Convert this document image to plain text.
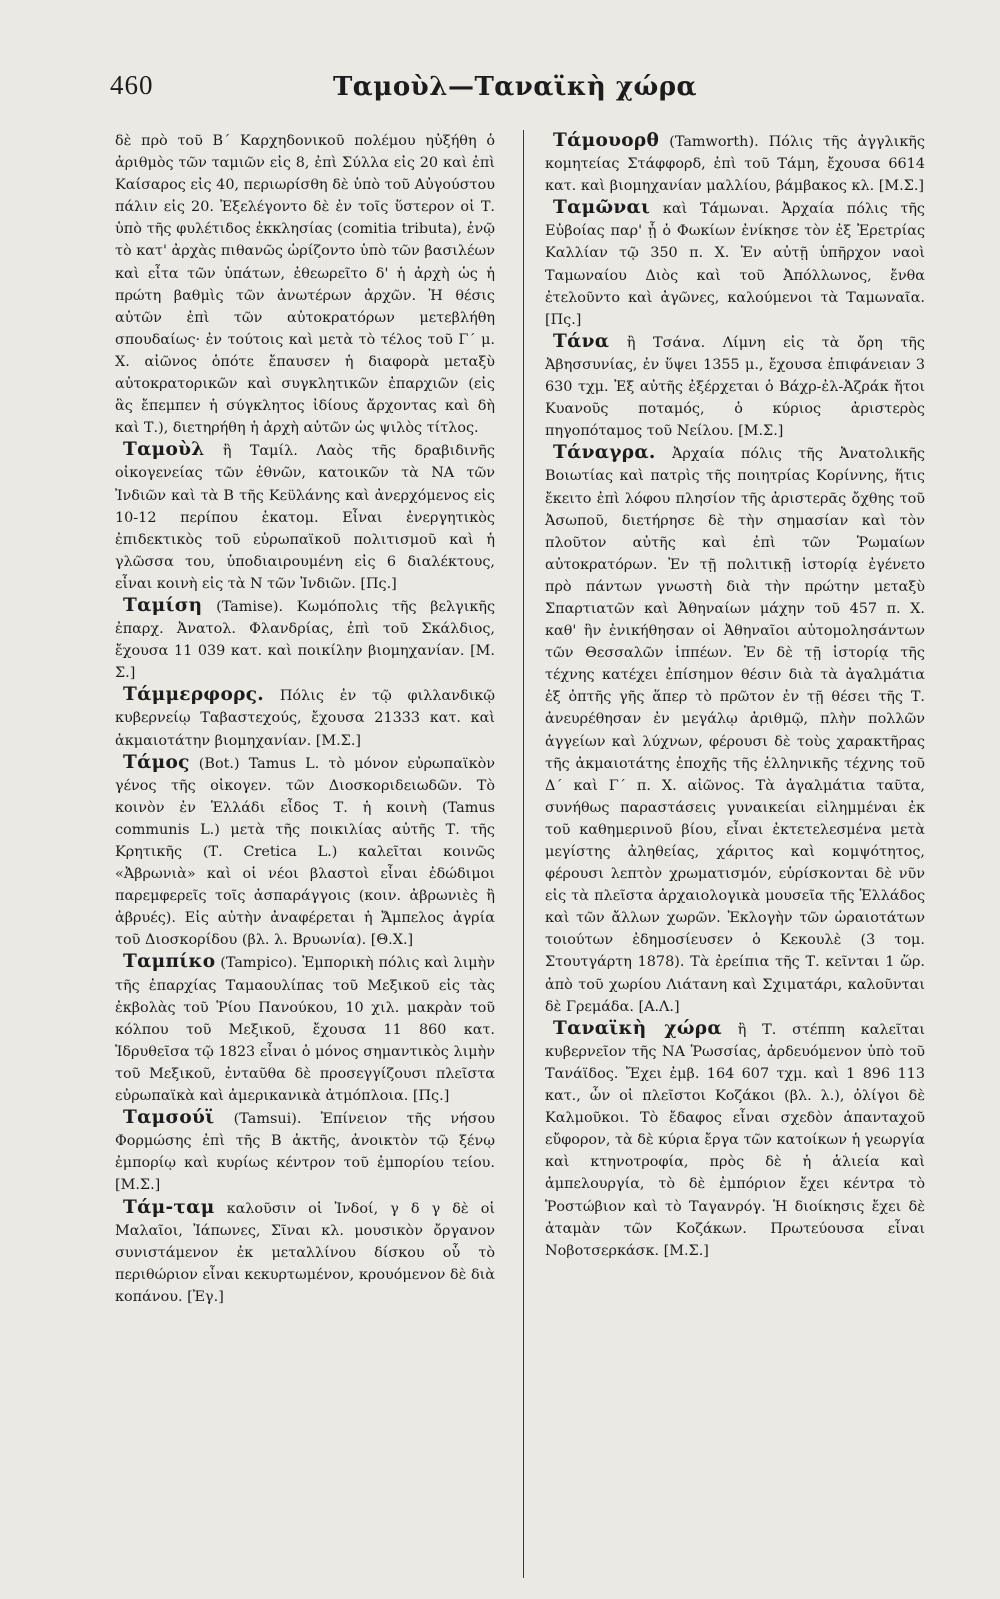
460	Ταμοὺλ—Ταναϊκὴ χώρα

δὲ πρὸ τοῦ Β΄ Καρχηδονικοῦ πολέμου ηὐξήθη ὁ ἀριθμὸς τῶν ταμιῶν εἰς 8, ἐπὶ Σύλλα εἰς 20 καὶ ἐπὶ Καίσαρος εἰς 40, περιωρίσθη δὲ ὑπὸ τοῦ Αὐγούστου πάλιν εἰς 20. Ἐξελέγοντο δὲ ἐν τοῖς ὕστερον οἱ Τ. ὑπὸ τῆς φυλέτιδος ἐκκλησίας (comitia tributa), ἐνῷ τὸ κατ' ἀρχὰς πιθανῶς ὡρίζοντο ὑπὸ τῶν βασιλέων καὶ εἶτα τῶν ὑπάτων, ἐθεωρεῖτο δ' ἡ ἀρχὴ ὡς ἡ πρώτη βαθμὶς τῶν ἀνωτέρων ἀρχῶν. Ἡ θέσις αὐτῶν ἐπὶ τῶν αὐτοκρατόρων μετεβλήθη σπουδαίως· ἐν τούτοις καὶ μετὰ τὸ τέλος τοῦ Γ΄ μ. Χ. αἰῶνος ὁπότε ἔπαυσεν ἡ διαφορὰ μεταξὺ αὐτοκρατορικῶν καὶ συγκλητικῶν ἐπαρχιῶν (εἰς ἃς ἔπεμπεν ἡ σύγκλητος ἰδίους ἄρχοντας καὶ δὴ καὶ Τ.), διετηρήθη ἡ ἀρχὴ αὐτῶν ὡς ψιλὸς τίτλος.

Ταμοὺλ ἢ Ταμίλ. Λαὸς τῆς δραβιδινῆς οἰκογενείας τῶν ἐθνῶν, κατοικῶν τὰ ΝΑ τῶν Ἰνδιῶν καὶ τὰ Β τῆς Κεϋλάνης καὶ ἀνερχόμενος εἰς 10-12 περίπου ἑκατομ. Εἶναι ἐνεργητικὸς ἐπιδεκτικὸς τοῦ εὐρωπαϊκοῦ πολιτισμοῦ καὶ ἡ γλῶσσα του, ὑποδιαιρουμένη εἰς 6 διαλέκτους, εἶναι κοινὴ εἰς τὰ Ν τῶν Ἰνδιῶν. [Πς.]

Ταμίση (Tamise). Κωμόπολις τῆς βελγικῆς ἐπαρχ. Ἀνατολ. Φλανδρίας, ἐπὶ τοῦ Σκάλδιος, ἔχουσα 11 039 κατ. καὶ ποικίλην βιομηχανίαν. [Μ. Σ.]

Τάμμερφορς. Πόλις ἐν τῷ φιλλανδικῷ κυβερνείῳ Ταβαστεχούς, ἔχουσα 21333 κατ. καὶ ἀκμαιοτάτην βιομηχανίαν. [Μ.Σ.]

Τάμος (Bot.) Tamus L. τὸ μόνον εὐρωπαϊκὸν γένος τῆς οἰκογεν. τῶν Διοσκοριδειωδῶν. Τὸ κοινὸν ἐν Ἑλλάδι εἶδος Τ. ἡ κοινὴ (Tamus communis L.) μετὰ τῆς ποικιλίας αὐτῆς Τ. τῆς Κρητικῆς (Τ. Cretica L.) καλεῖται κοινῶς «Ἀβρωνιὰ» καὶ οἱ νέοι βλαστοὶ εἶναι ἐδώδιμοι παρεμφερεῖς τοῖς ἀσπαράγγοις (κοιν. ἀβρωνιὲς ἢ ἀβρυές). Εἰς αὐτὴν ἀναφέρεται ἡ Ἄμπελος ἀγρία τοῦ Διοσκορίδου (βλ. λ. Βρυωνία). [Θ.Χ.]

Ταμπίκο (Tampico). Ἐμπορικὴ πόλις καὶ λιμὴν τῆς ἐπαρχίας Ταμαουλίπας τοῦ Μεξικοῦ εἰς τὰς ἐκβολὰς τοῦ Ῥίου Πανούκου, 10 χιλ. μακρὰν τοῦ κόλπου τοῦ Μεξικοῦ, ἔχουσα 11 860 κατ. Ἱδρυθεῖσα τῷ 1823 εἶναι ὁ μόνος σημαντικὸς λιμὴν τοῦ Μεξικοῦ, ἐνταῦθα δὲ προσεγγίζουσι πλεῖστα εὐρωπαϊκὰ καὶ ἀμερικανικὰ ἀτμόπλοια. [Πς.]

Ταμσούϊ (Tamsui). Ἐπίνειον τῆς νήσου Φορμώσης ἐπὶ τῆς Β ἀκτῆς, ἀνοικτὸν τῷ ξένῳ ἐμπορίῳ καὶ κυρίως κέντρον τοῦ ἐμπορίου τείου. [Μ.Σ.]

Τάμ-ταμ καλοῦσιν οἱ Ἰνδοί, γ δ γ δὲ οἱ Μαλαῖοι, Ἰάπωνες, Σῖναι κλ. μουσικὸν ὄργανον συνιστάμενον ἐκ μεταλλίνου δίσκου οὗ τὸ περιθώριον εἶναι κεκυρτωμένον, κρουόμενον δὲ διὰ κοπάνου. [Ἐγ.]

Τάμουορθ (Tamworth). Πόλις τῆς ἀγγλικῆς κομητείας Στάφφορδ, ἐπὶ τοῦ Τάμη, ἔχουσα 6614 κατ. καὶ βιομηχανίαν μαλλίου, βάμβακος κλ. [Μ.Σ.]

Ταμῶναι καὶ Τάμωναι. Ἀρχαία πόλις τῆς Εὐβοίας παρ' ᾗ ὁ Φωκίων ἐνίκησε τὸν ἐξ Ἐρετρίας Καλλίαν τῷ 350 π. Χ. Ἐν αὐτῇ ὑπῆρχον ναοὶ Ταμωναίου Διὸς καὶ τοῦ Ἀπόλλωνος, ἔνθα ἐτελοῦντο καὶ ἀγῶνες, καλούμενοι τὰ Ταμωναῖα. [Πς.]

Τάνα ἢ Τσάνα. Λίμνη εἰς τὰ ὄρη τῆς Ἀβησσυνίας, ἐν ὕψει 1355 μ., ἔχουσα ἐπιφάνειαν 3 630 τχμ. Ἐξ αὐτῆς ἐξέρχεται ὁ Βάχρ-ἐλ-Ἀζράκ ἤτοι Κυανοῦς ποταμός, ὁ κύριος ἀριστερὸς πηγοπόταμος τοῦ Νείλου. [Μ.Σ.]

Τάναγρα. Ἀρχαία πόλις τῆς Ἀνατολικῆς Βοιωτίας καὶ πατρὶς τῆς ποιητρίας Κορίννης, ἥτις ἔκειτο ἐπὶ λόφου πλησίον τῆς ἀριστερᾶς ὄχθης τοῦ Ἀσωποῦ, διετήρησε δὲ τὴν σημασίαν καὶ τὸν πλοῦτον αὐτῆς καὶ ἐπὶ τῶν Ῥωμαίων αὐτοκρατόρων. Ἐν τῇ πολιτικῇ ἱστορίᾳ ἐγένετο πρὸ πάντων γνωστὴ διὰ τὴν πρώτην μεταξὺ Σπαρτιατῶν καὶ Ἀθηναίων μάχην τοῦ 457 π. Χ. καθ' ἣν ἐνικήθησαν οἱ Ἀθηναῖοι αὐτομολησάντων τῶν Θεσσαλῶν ἱππέων. Ἐν δὲ τῇ ἱστορίᾳ τῆς τέχνης κατέχει ἐπίσημον θέσιν διὰ τὰ ἀγαλμάτια ἐξ ὀπτῆς γῆς ἅπερ τὸ πρῶτον ἐν τῇ θέσει τῆς Τ. ἀνευρέθησαν ἐν μεγάλῳ ἀριθμῷ, πλὴν πολλῶν ἀγγείων καὶ λύχνων, φέρουσι δὲ τοὺς χαρακτῆρας τῆς ἀκμαιοτάτης ἐποχῆς τῆς ἑλληνικῆς τέχνης τοῦ Δ΄ καὶ Γ΄ π. Χ. αἰῶνος. Τὰ ἀγαλμάτια ταῦτα, συνήθως παραστάσεις γυναικείαι εἰλημμέναι ἐκ τοῦ καθημερινοῦ βίου, εἶναι ἐκτετελεσμένα μετὰ μεγίστης ἀληθείας, χάριτος καὶ κομψότητος, φέρουσι λεπτὸν χρωματισμόν, εὑρίσκονται δὲ νῦν εἰς τὰ πλεῖστα ἀρχαιολογικὰ μουσεῖα τῆς Ἑλλάδος καὶ τῶν ἄλλων χωρῶν. Ἐκλογὴν τῶν ὡραιοτάτων τοιούτων ἐδημοσίευσεν ὁ Κεκουλὲ (3 τομ. Στουτγάρτη 1878). Τὰ ἐρείπια τῆς Τ. κεῖνται 1 ὥρ. ἀπὸ τοῦ χωρίου Λιάτανη καὶ Σχιματάρι, καλοῦνται δὲ Γρεμάδα. [Α.Λ.]

Ταναϊκὴ χώρα ἢ Τ. στέππη καλεῖται κυβερνεῖον τῆς ΝΑ Ῥωσσίας, ἀρδευόμενον ὑπὸ τοῦ Τανάϊδος. Ἔχει ἐμβ. 164 607 τχμ. καὶ 1 896 113 κατ., ὧν οἱ πλεῖστοι Κοζάκοι (βλ. λ.), ὀλίγοι δὲ Καλμοῦκοι. Τὸ ἔδαφος εἶναι σχεδὸν ἁπανταχοῦ εὔφορον, τὰ δὲ κύρια ἔργα τῶν κατοίκων ἡ γεωργία καὶ κτηνοτροφία, πρὸς δὲ ἡ ἁλιεία καὶ ἀμπελουργία, τὸ δὲ ἐμπόριον ἔχει κέντρα τὸ Ῥοστώβιον καὶ τὸ Ταγανρόγ. Ἡ διοίκησις ἔχει δὲ ἀταμὰν τῶν Κοζάκων. Πρωτεύουσα εἶναι Νοβοτσερκάσκ. [Μ.Σ.]
